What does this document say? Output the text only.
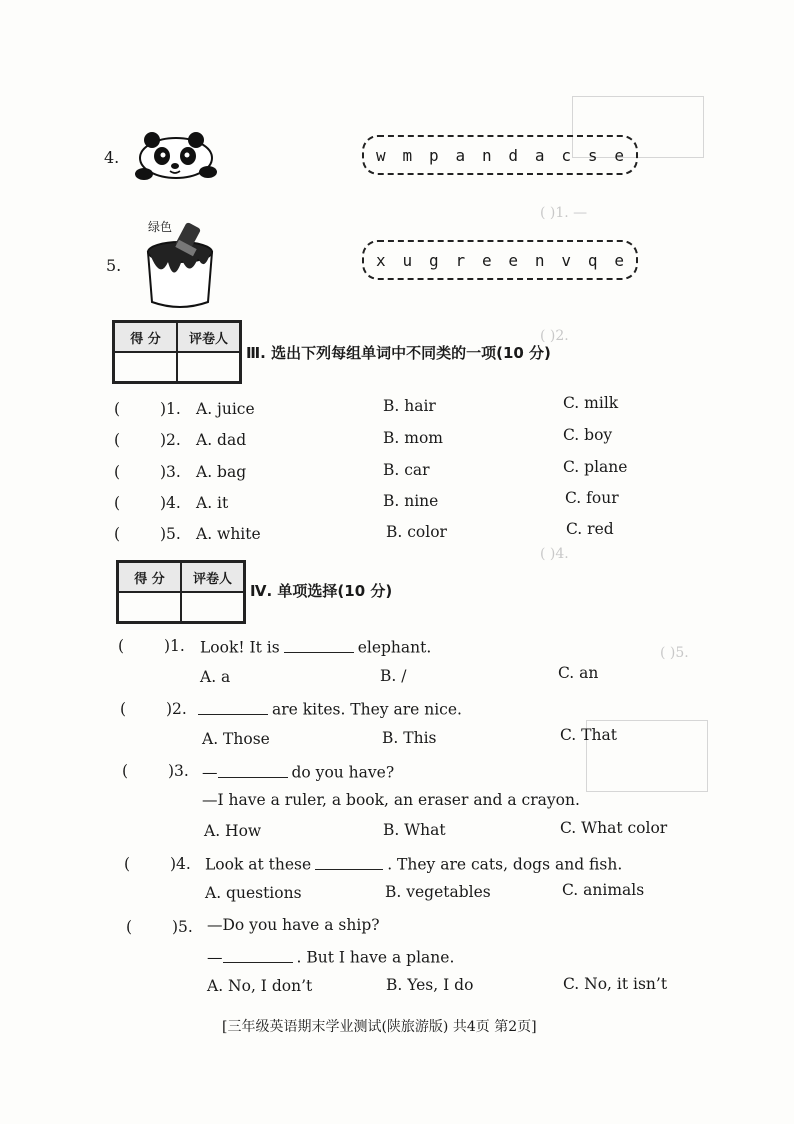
( )1. —
( )2.
( )4.
( )5.
4.	w m p a n d a c s e
绿色
5.	x u g r e e n v q e
得 分	评卷人
Ⅲ. 选出下列每组单词中不同类的一项(10 分)
(	)1. A. juice	B. hair	C. milk
(	)2. A. dad	B. mom	C. boy
(	)3. A. bag	B. car	C. plane
(	)4. A. it	B. nine	C. four
(	)5. A. white	B. color	C. red
得 分	评卷人
Ⅳ. 单项选择(10 分)
(	)1. Look! It is	elephant.
A. a	B. /	C. an
(	)2.	are kites. They are nice.
A. Those	B. This	C. That
(	)3. —	do you have?
—I have a ruler, a book, an eraser and a crayon.
A. How	B. What	C. What color
(	)4. Look at these	. They are cats, dogs and fish.
A. questions	B. vegetables	C. animals
(	)5. —Do you have a ship?
—	. But I have a plane.
A. No, I don’t	B. Yes, I do	C. No, it isn’t
[三年级英语期末学业测试(陕旅游版) 共4页 第2页]
